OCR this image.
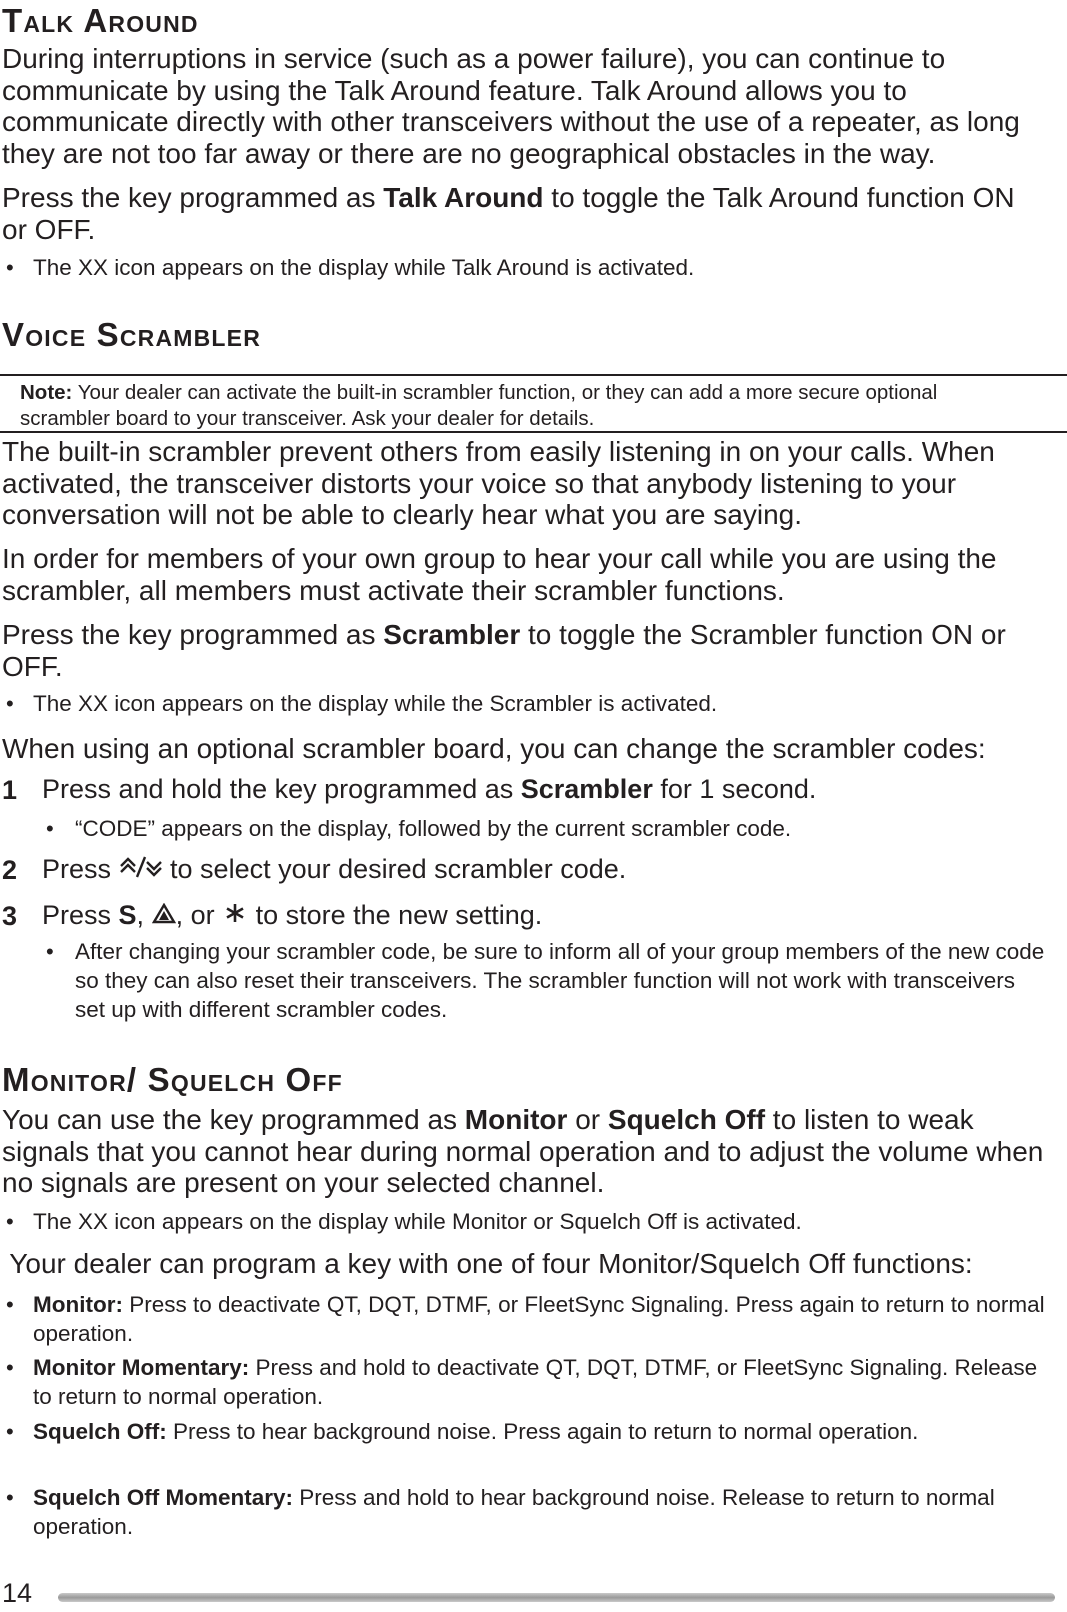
Talk Around

During interruptions in service (such as a power failure), you can continue to communicate by using the Talk Around feature. Talk Around allows you to communicate directly with other transceivers without the use of a repeater, as long they are not too far away or there are no geographical obstacles in the way.

Press the key programmed as Talk Around to toggle the Talk Around function ON or OFF.

• The XX icon appears on the display while Talk Around is activated.
Voice Scrambler
Note: Your dealer can activate the built-in scrambler function, or they can add a more secure optional scrambler board to your transceiver. Ask your dealer for details.

The built-in scrambler prevent others from easily listening in on your calls. When activated, the transceiver distorts your voice so that anybody listening to your conversation will not be able to clearly hear what you are saying.

In order for members of your own group to hear your call while you are using the scrambler, all members must activate their scrambler functions.

Press the key programmed as Scrambler to toggle the Scrambler function ON or OFF.

• The XX icon appears on the display while the Scrambler is activated.

When using an optional scrambler board, you can change the scrambler codes:

1 Press and hold the key programmed as Scrambler for 1 second.
• “CODE” appears on the display, followed by the current scrambler code.
2 Press  to select your desired scrambler code.
3 Press S, , or  to store the new setting.
• After changing your scrambler code, be sure to inform all of your group members of the new code so they can also reset their transceivers. The scrambler function will not work with transceivers set up with different scrambler codes.
Monitor/ Squelch Off

You can use the key programmed as Monitor or Squelch Off to listen to weak signals that you cannot hear during normal operation and to adjust the volume when no signals are present on your selected channel.

• The XX icon appears on the display while Monitor or Squelch Off is activated.

Your dealer can program a key with one of four Monitor/Squelch Off functions:

• Monitor: Press to deactivate QT, DQT, DTMF, or FleetSync Signaling. Press again to return to normal operation.
• Monitor Momentary: Press and hold to deactivate QT, DQT, DTMF, or FleetSync Signaling. Release to return to normal operation.
• Squelch Off: Press to hear background noise. Press again to return to normal operation.
• Squelch Off Momentary: Press and hold to hear background noise. Release to return to normal operation.
14
